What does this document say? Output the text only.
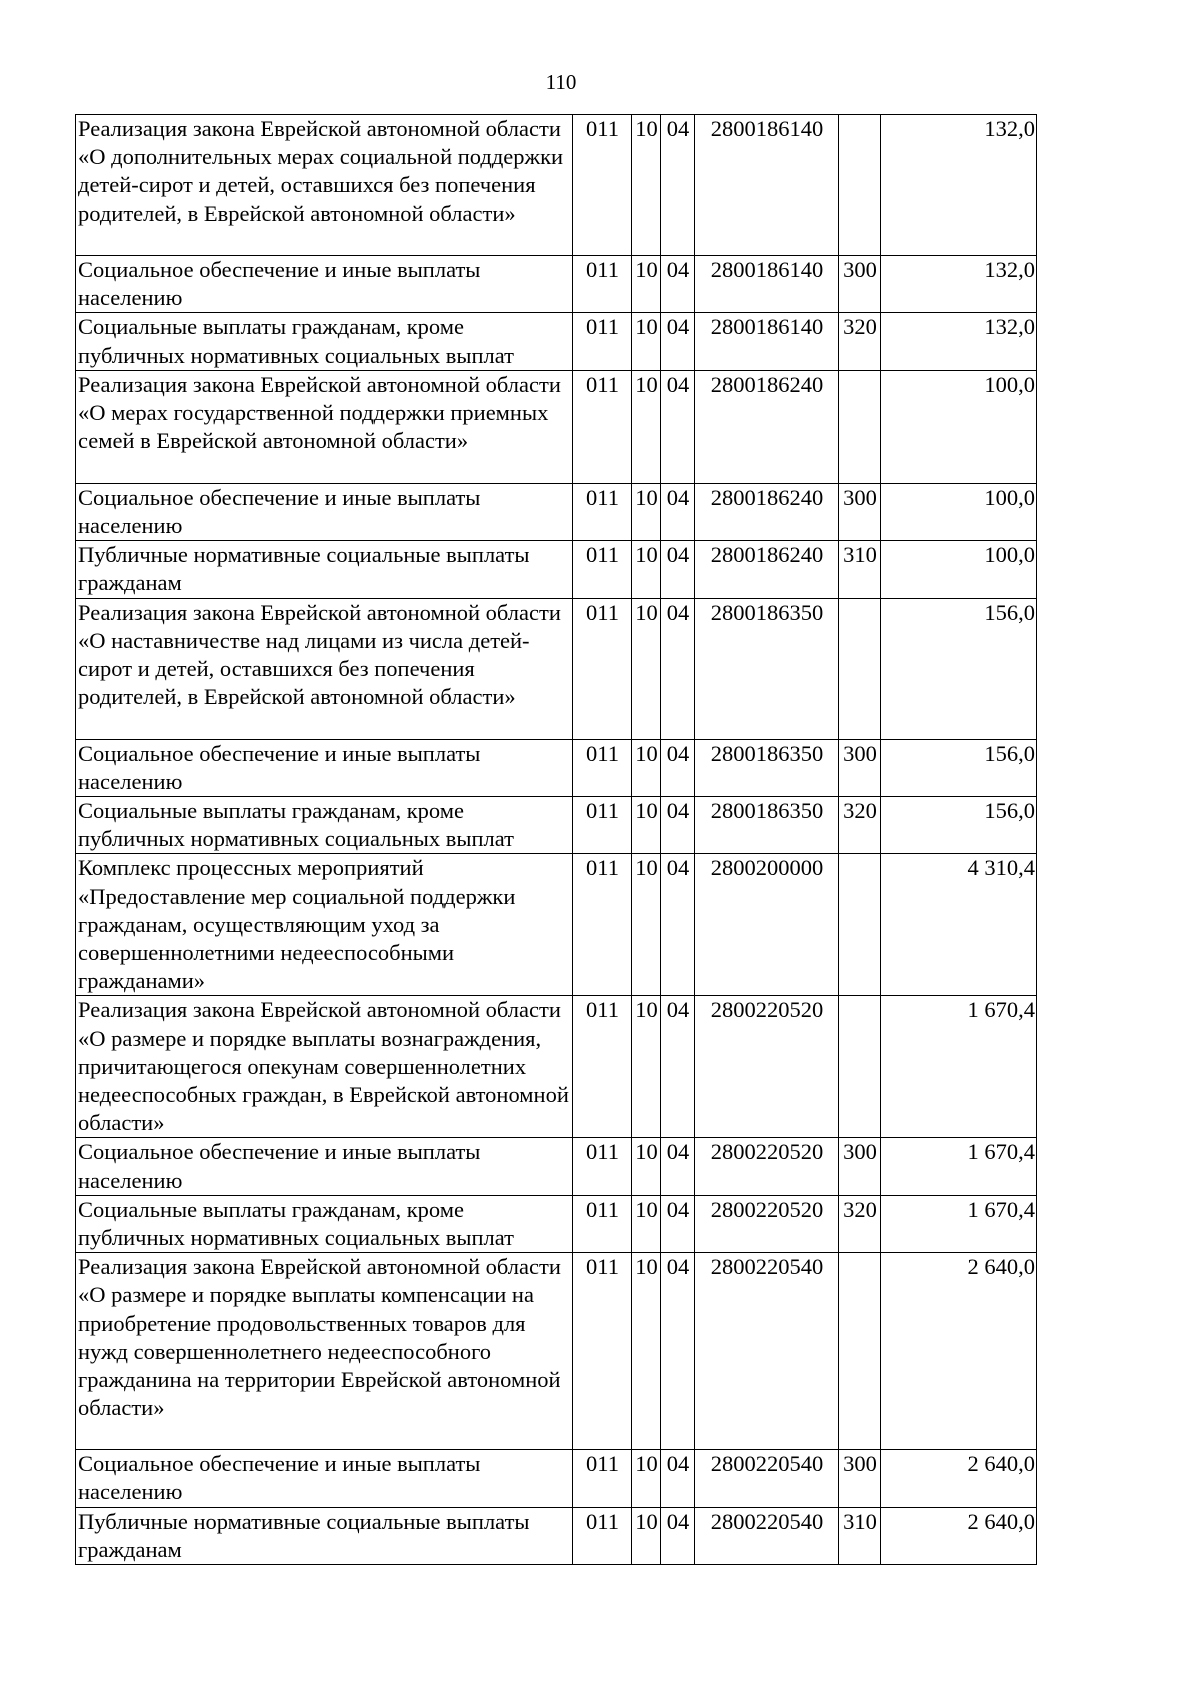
110
Реализация закона Еврейской автономной области «О дополнительных мерах социальной поддержки детей-сирот и детей, оставшихся без попечения родителей, в Еврейской автономной области»	011	10	04	2800186140		132,0
Социальное обеспечение и иные выплаты населению	011	10	04	2800186140	300	132,0
Социальные выплаты гражданам, кроме публичных нормативных социальных выплат	011	10	04	2800186140	320	132,0
Реализация закона Еврейской автономной области «О мерах государственной поддержки приемных семей в Еврейской автономной области»	011	10	04	2800186240		100,0
Социальное обеспечение и иные выплаты населению	011	10	04	2800186240	300	100,0
Публичные нормативные социальные выплаты гражданам	011	10	04	2800186240	310	100,0
Реализация закона Еврейской автономной области «О наставничестве над лицами из числа детей-сирот и детей, оставшихся без попечения родителей, в Еврейской автономной области»	011	10	04	2800186350		156,0
Социальное обеспечение и иные выплаты населению	011	10	04	2800186350	300	156,0
Социальные выплаты гражданам, кроме публичных нормативных социальных выплат	011	10	04	2800186350	320	156,0
Комплекс процессных мероприятий «Предоставление мер социальной поддержки гражданам, осуществляющим уход за совершеннолетними недееспособными гражданами»	011	10	04	2800200000		4 310,4
Реализация закона Еврейской автономной области «О размере и порядке выплаты вознаграждения, причитающегося опекунам совершеннолетних недееспособных граждан, в Еврейской автономной области»	011	10	04	2800220520		1 670,4
Социальное обеспечение и иные выплаты населению	011	10	04	2800220520	300	1 670,4
Социальные выплаты гражданам, кроме публичных нормативных социальных выплат	011	10	04	2800220520	320	1 670,4
Реализация закона Еврейской автономной области «О размере и порядке выплаты компенсации на приобретение продовольственных товаров для нужд совершеннолетнего недееспособного гражданина на территории Еврейской автономной области»	011	10	04	2800220540		2 640,0
Социальное обеспечение и иные выплаты населению	011	10	04	2800220540	300	2 640,0
Публичные нормативные социальные выплаты гражданам	011	10	04	2800220540	310	2 640,0
